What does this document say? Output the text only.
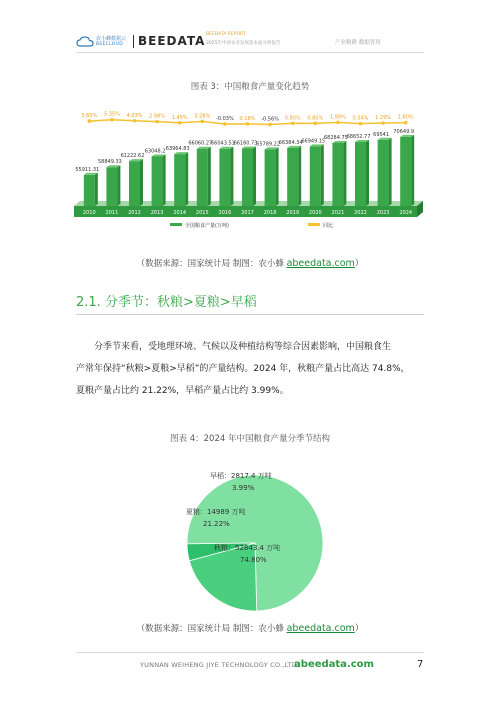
农小蜂数据云
BEECLOUD BEEDATA BEEDATA REPORT
2025年中国农业发展基本面分析报告	产业精耕 数据智用
图表 3：中国粮食产量变化趋势
55911.31
2010
58849.33
2011
61222.62
2012
63048.2
2013
63964.83
2014
66060.27
2015
66043.51
2016
66160.73
2017
65789.22
2018
66384.34
2019
66949.15
2020
68284.75
2021
68652.77
2022
69541
2023
70649.9
2024
3.65% 5.35% 4.03% 2.98% 1.45% 3.28% -0.03% 0.18% -0.56% 0.90% 0.85% 1.99% 0.54% 1.29% 1.60%
全国粮食产量(万吨)	同比
（数据来源：国家统计局 制图：农小蜂 abeedata.com）
2.1. 分季节：秋粮>夏粮>早稻

分季节来看，受地理环境、气候以及种植结构等综合因素影响，中国粮食生

产常年保持“秋粮>夏粮>早稻”的产量结构。2024 年，秋粮产量占比高达 74.8%，

夏粮产量占比约 21.22%，早稻产量占比约 3.99%。

图表 4：2024 年中国粮食产量分季节结构
秋粮：52843.4 万吨
74.80%
夏粮：14989 万吨
21.22%
早稻：2817.4 万吨
3.99%
（数据来源：国家统计局 制图：农小蜂 abeedata.com）
YUNNAN WEIHENG JIYE TECHNOLOGY CO.,LTD.
abeedata.com	7
